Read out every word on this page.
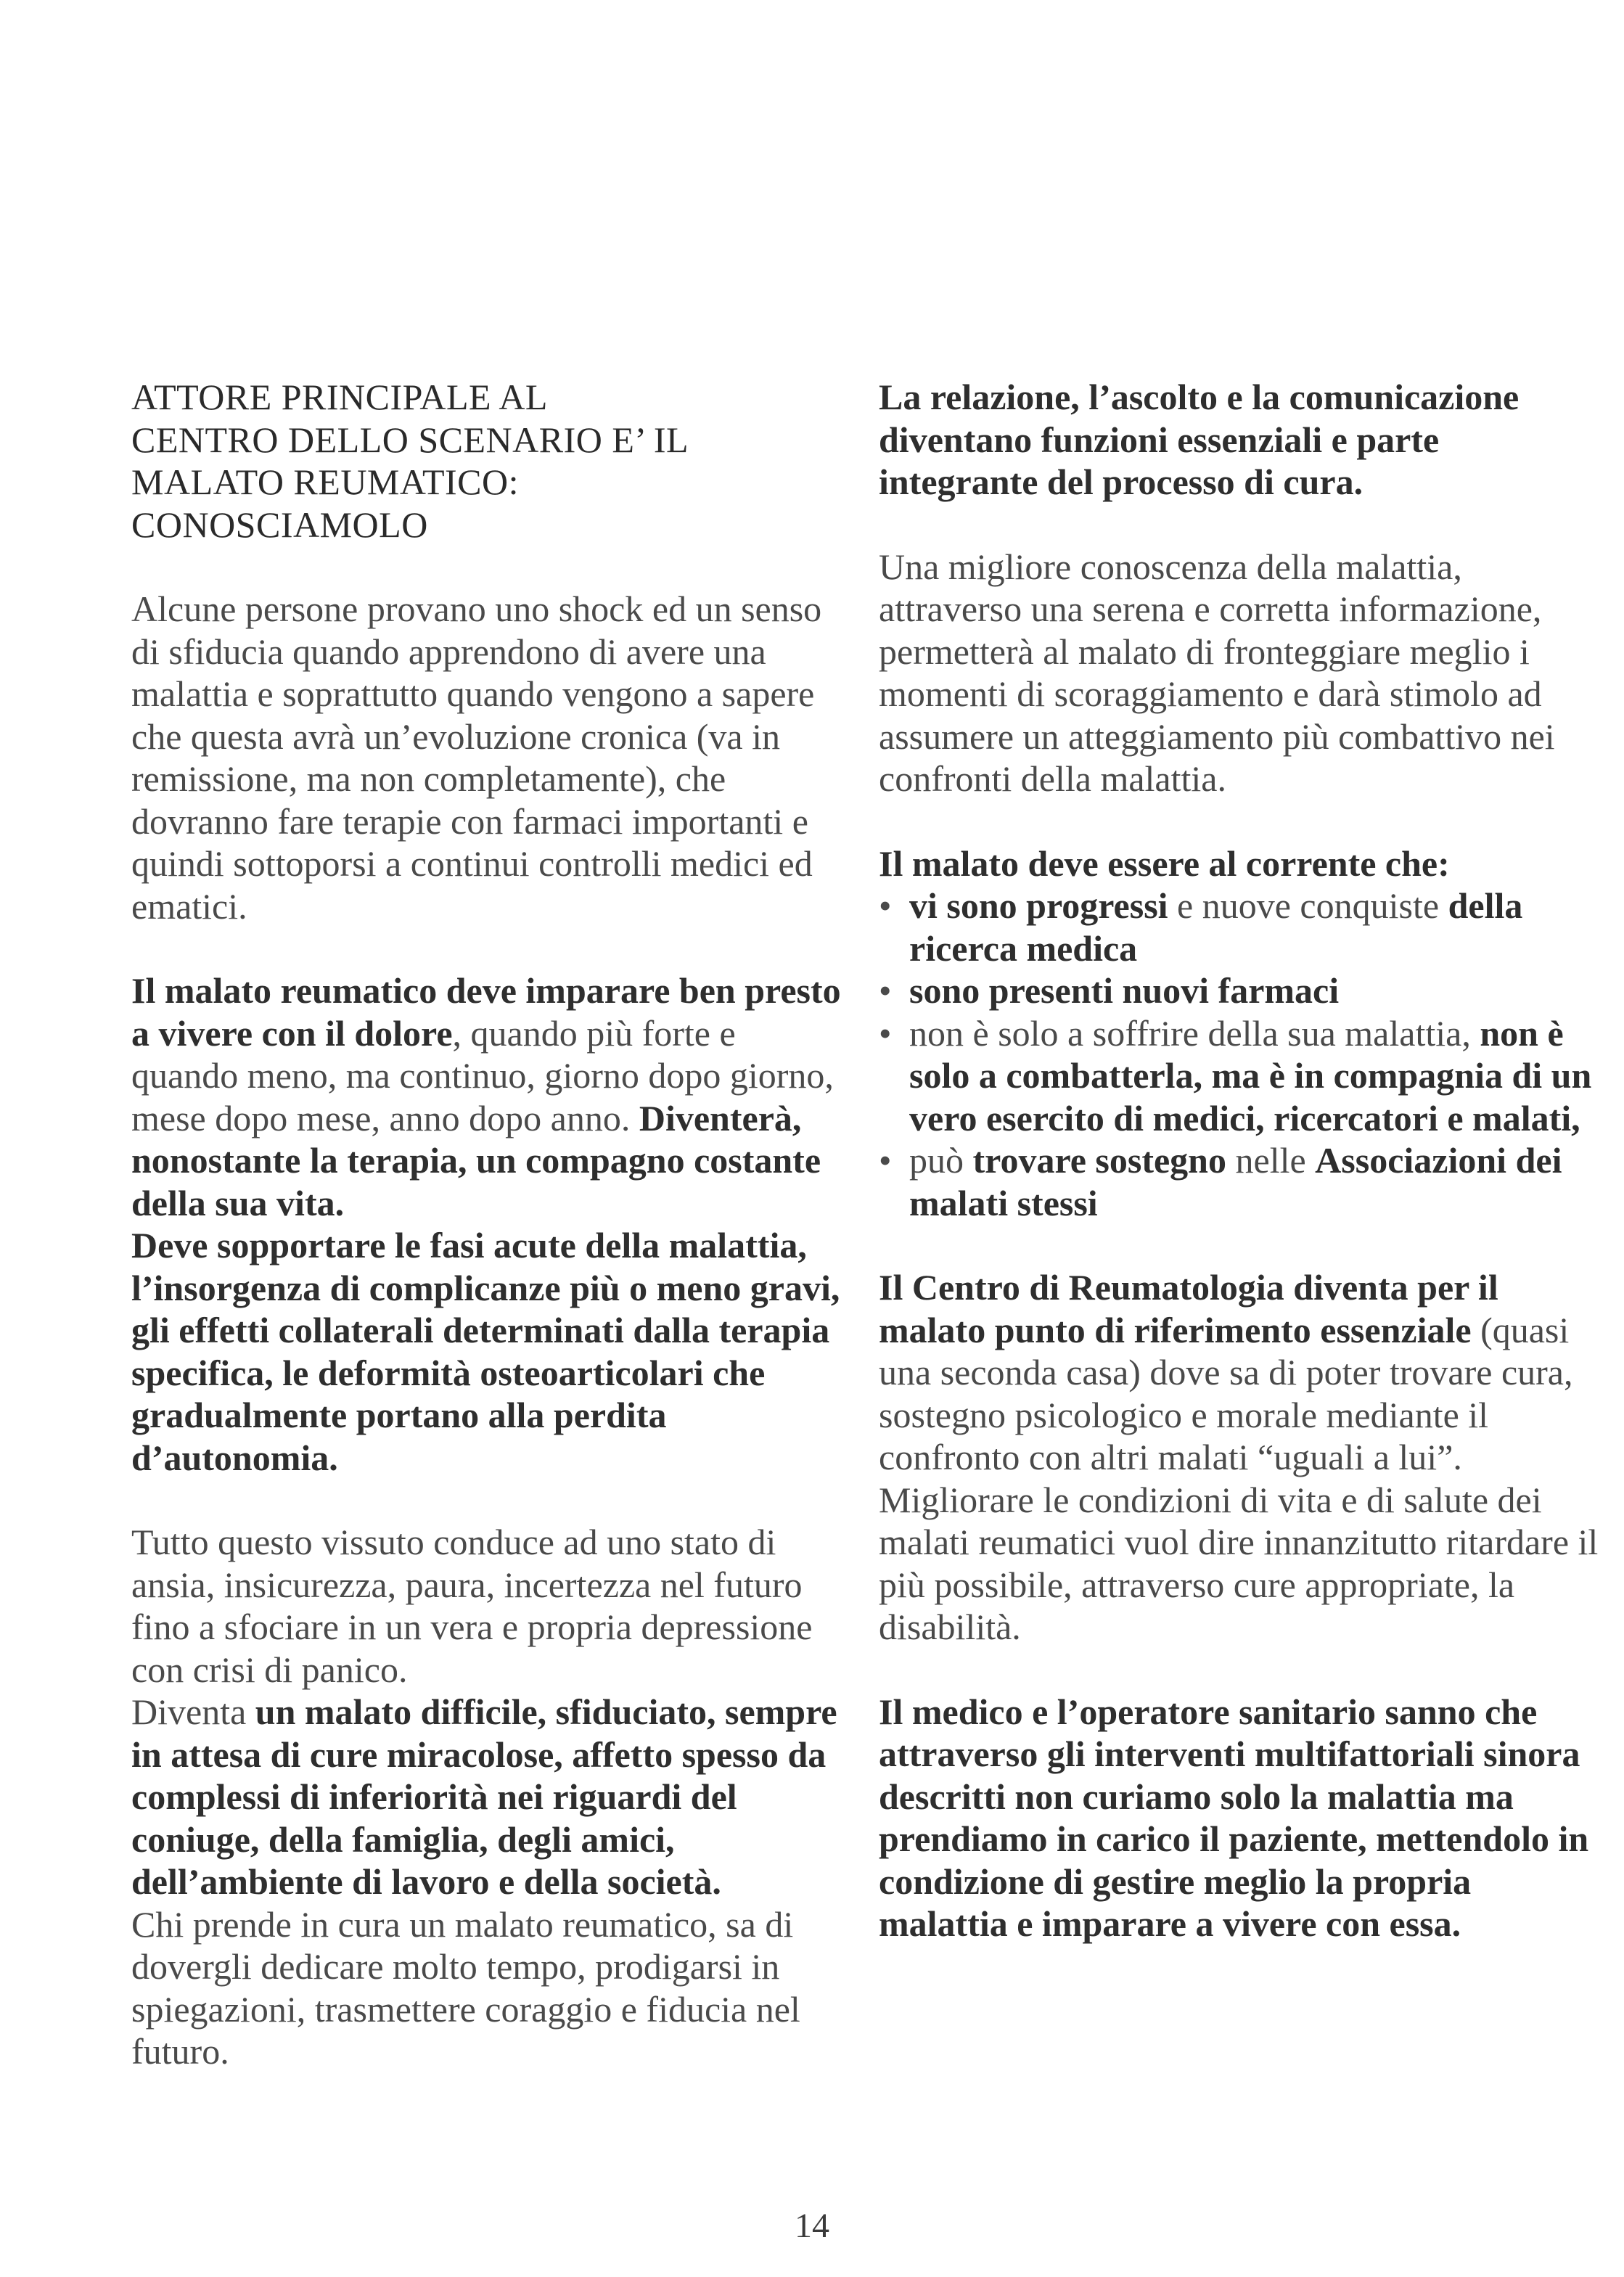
ATTORE PRINCIPALE AL
CENTRO DELLO SCENARIO E’ IL
MALATO REUMATICO:
CONOSCIAMOLO

Alcune persone provano uno shock ed un senso di sfiducia quando apprendono di avere una malattia e soprattutto quando vengono a sapere che questa avrà un’evoluzione cronica (va in remissione, ma non completamente), che dovranno fare terapie con farmaci importanti e quindi sottoporsi a continui controlli medici ed ematici.

Il malato reumatico deve imparare ben presto a vivere con il dolore, quando più forte e quando meno, ma continuo, giorno dopo giorno, mese dopo mese, anno dopo anno. Diventerà, nonostante la terapia, un compagno costante della sua vita.
Deve sopportare le fasi acute della malattia, l’insorgenza di complicanze più o meno gravi, gli effetti collaterali determinati dalla terapia specifica, le deformità osteoarticolari che gradualmente portano alla perdita d’autonomia.

Tutto questo vissuto conduce ad uno stato di ansia, insicurezza, paura, incertezza nel futuro fino a sfociare in un vera e propria depressione con crisi di panico.
Diventa un malato difficile, sfiduciato, sempre in attesa di cure miracolose, affetto spesso da complessi di inferiorità nei riguardi del coniuge, della famiglia, degli amici, dell’ambiente di lavoro e della società.
Chi prende in cura un malato reumatico, sa di dovergli dedicare molto tempo, prodigarsi in spiegazioni, trasmettere coraggio e fiducia nel futuro.

La relazione, l’ascolto e la comunicazione diventano funzioni essenziali e parte integrante del processo di cura.

Una migliore conoscenza della malattia, attraverso una serena e corretta informazione, permetterà al malato di fronteggiare meglio i momenti di scoraggiamento e darà stimolo ad assumere un atteggiamento più combattivo nei confronti della malattia.

Il malato deve essere al corrente che:

• vi sono progressi e nuove conquiste della ricerca medica
• sono presenti nuovi farmaci
• non è solo a soffrire della sua malattia, non è solo a combatterla, ma è in compagnia di un vero esercito di medici, ricercatori e malati,
• può trovare sostegno nelle Associazioni dei malati stessi

Il Centro di Reumatologia diventa per il malato punto di riferimento essenziale (quasi una seconda casa) dove sa di poter trovare cura, sostegno psicologico e morale mediante il confronto con altri malati “uguali a lui”.
Migliorare le condizioni di vita e di salute dei malati reumatici vuol dire innanzitutto ritardare il più possibile, attraverso cure appropriate, la disabilità.

Il medico e l’operatore sanitario sanno che attraverso gli interventi multifattoriali sinora descritti non curiamo solo la malattia ma prendiamo in carico il paziente, mettendolo in condizione di gestire meglio la propria malattia e imparare a vivere con essa.

14
